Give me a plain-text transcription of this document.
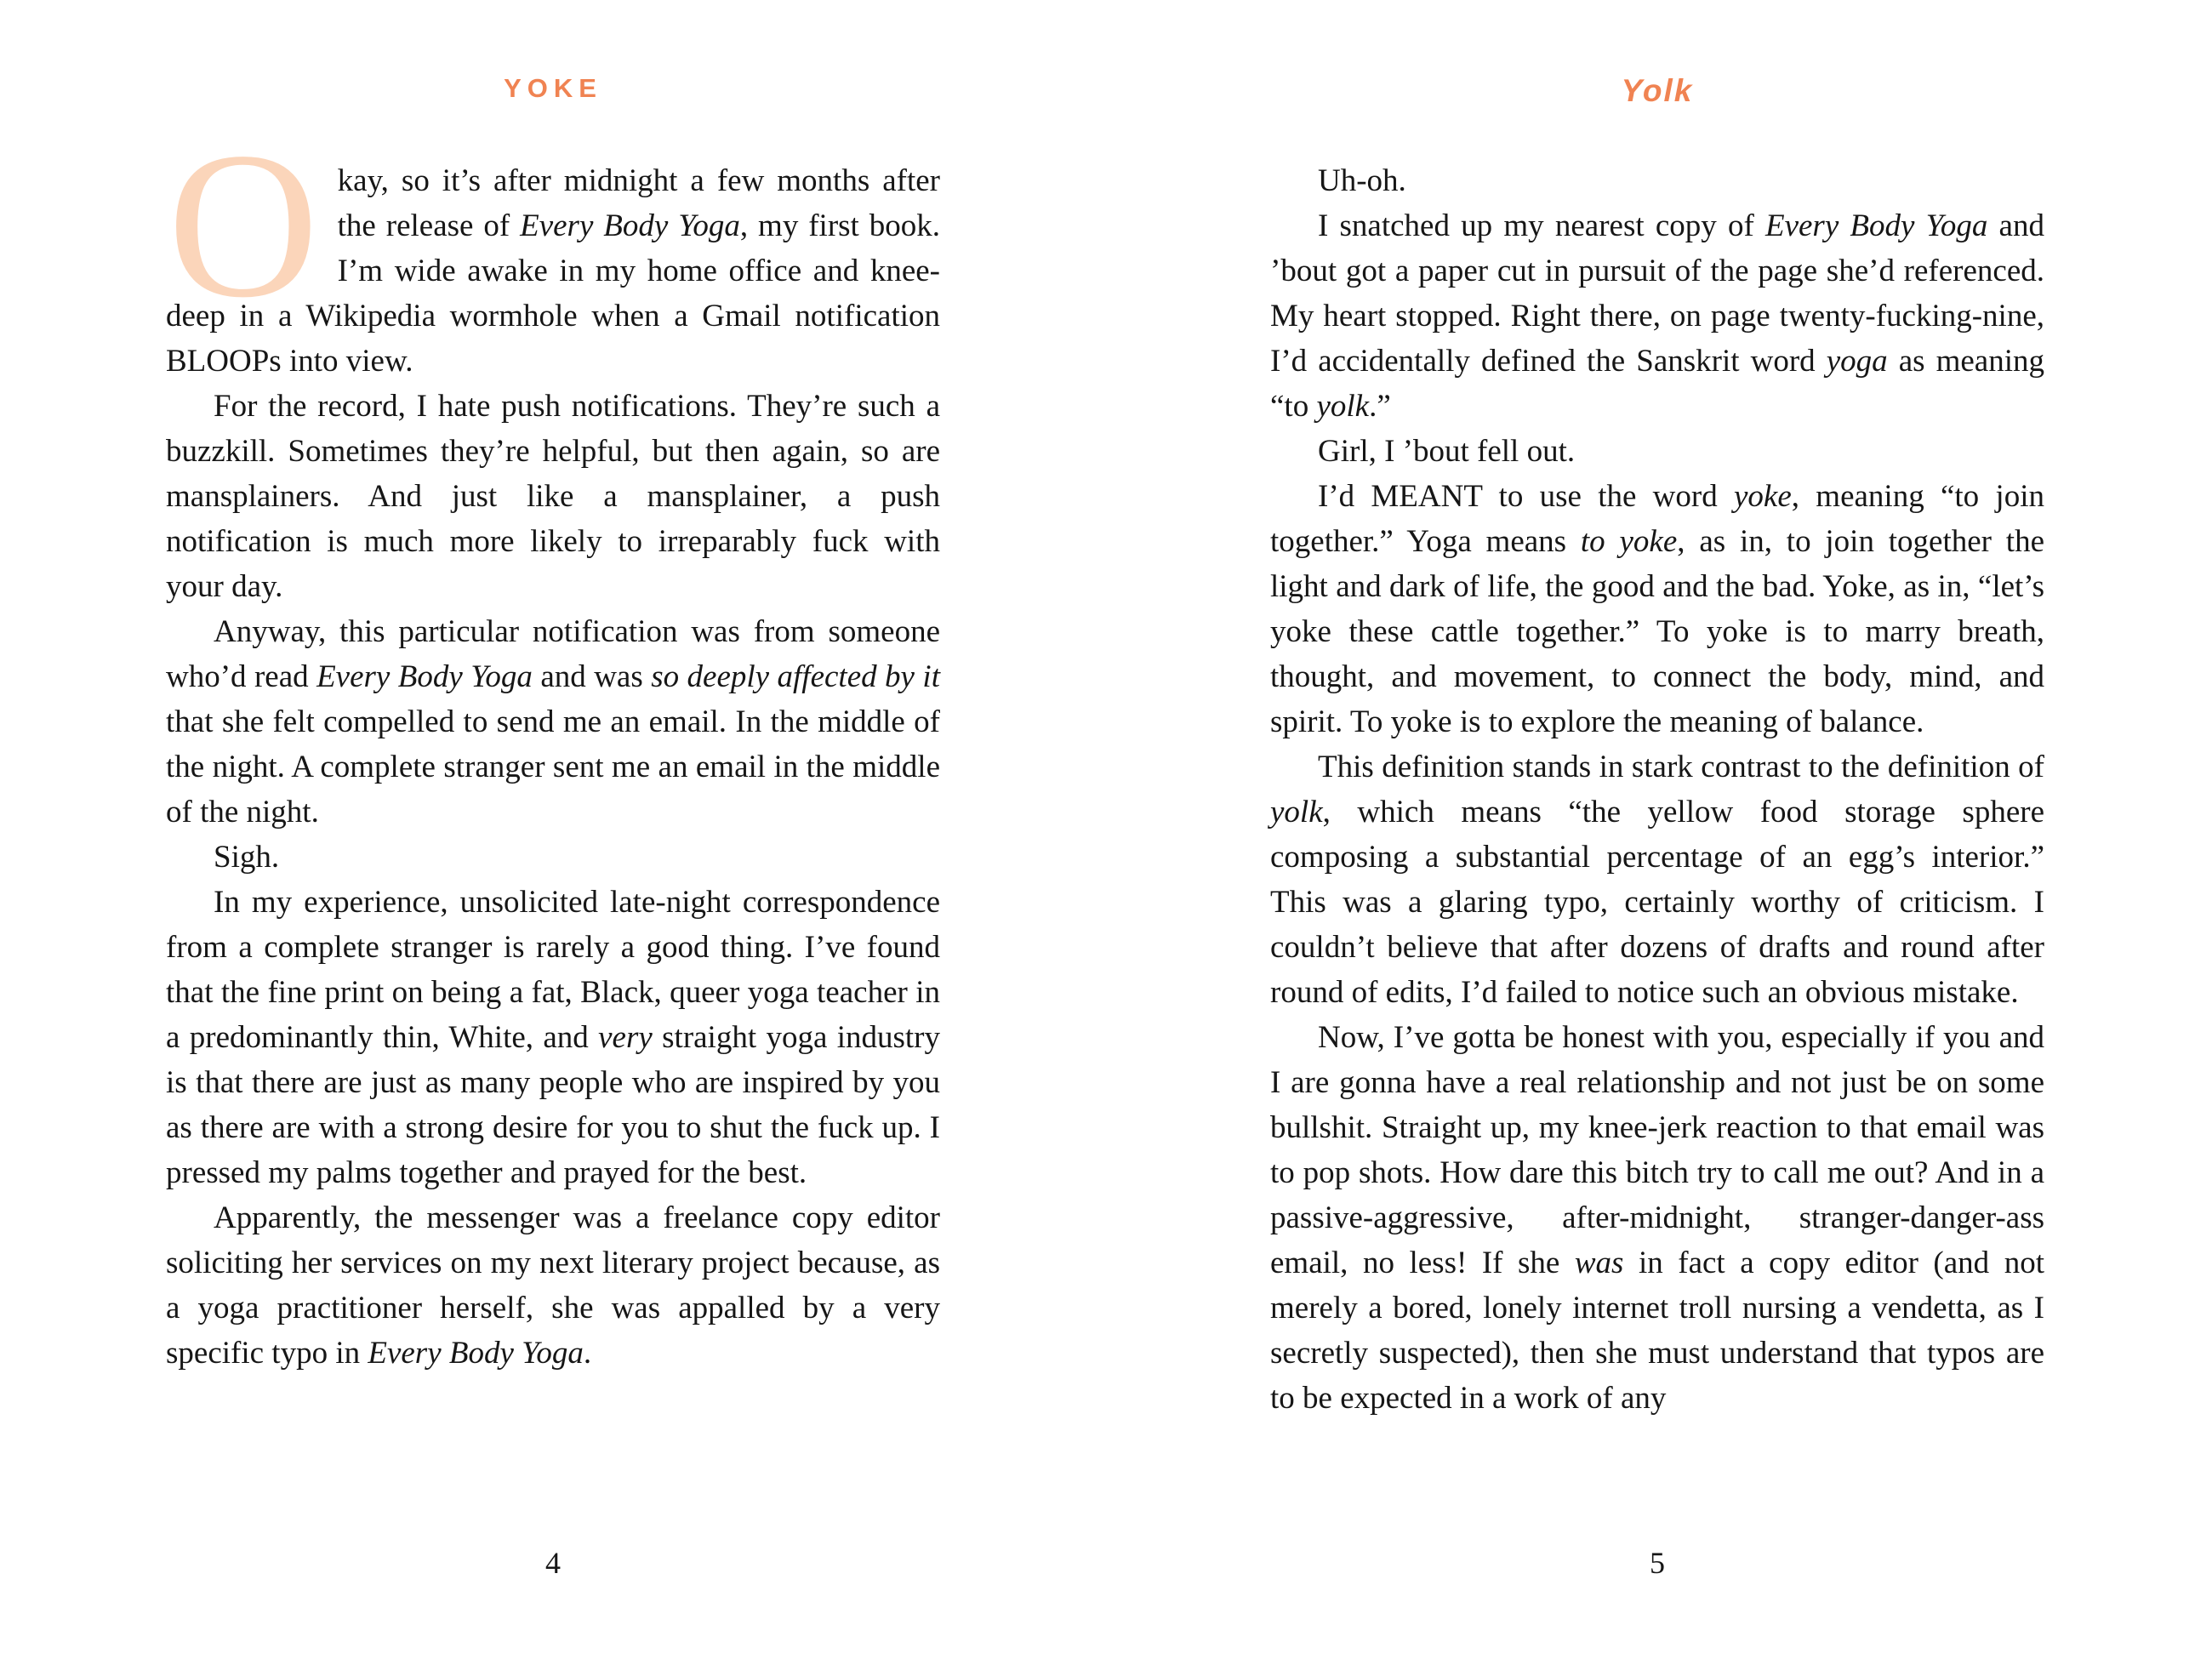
YOKE

Okay, so it’s after midnight a few months after the release of Every Body Yoga, my first book. I’m wide awake in my home office and knee-deep in a Wikipedia wormhole when a Gmail notification BLOOPs into view.

For the record, I hate push notifications. They’re such a buzzkill. Sometimes they’re helpful, but then again, so are mansplainers. And just like a mansplainer, a push notification is much more likely to irreparably fuck with your day.

Anyway, this particular notification was from someone who’d read Every Body Yoga and was so deeply affected by it that she felt compelled to send me an email. In the middle of the night. A complete stranger sent me an email in the middle of the night.

Sigh.

In my experience, unsolicited late-night correspondence from a complete stranger is rarely a good thing. I’ve found that the fine print on being a fat, Black, queer yoga teacher in a predominantly thin, White, and very straight yoga industry is that there are just as many people who are inspired by you as there are with a strong desire for you to shut the fuck up. I pressed my palms together and prayed for the best.

Apparently, the messenger was a freelance copy editor soliciting her services on my next literary project because, as a yoga practitioner herself, she was appalled by a very specific typo in Every Body Yoga.

4
Yolk

Uh-oh.

I snatched up my nearest copy of Every Body Yoga and ’bout got a paper cut in pursuit of the page she’d referenced. My heart stopped. Right there, on page twenty-fucking-nine, I’d accidentally defined the Sanskrit word yoga as meaning “to yolk.”

Girl, I ’bout fell out.

I’d MEANT to use the word yoke, meaning “to join together.” Yoga means to yoke, as in, to join together the light and dark of life, the good and the bad. Yoke, as in, “let’s yoke these cattle together.” To yoke is to marry breath, thought, and movement, to connect the body, mind, and spirit. To yoke is to explore the meaning of balance.

This definition stands in stark contrast to the definition of yolk, which means “the yellow food storage sphere composing a substantial percentage of an egg’s interior.” This was a glaring typo, certainly worthy of criticism. I couldn’t believe that after dozens of drafts and round after round of edits, I’d failed to notice such an obvious mistake.

Now, I’ve gotta be honest with you, especially if you and I are gonna have a real relationship and not just be on some bullshit. Straight up, my knee-jerk reaction to that email was to pop shots. How dare this bitch try to call me out? And in a passive-aggressive, after-midnight, stranger-danger-ass email, no less! If she was in fact a copy editor (and not merely a bored, lonely internet troll nursing a vendetta, as I secretly suspected), then she must understand that typos are to be expected in a work of any

5
